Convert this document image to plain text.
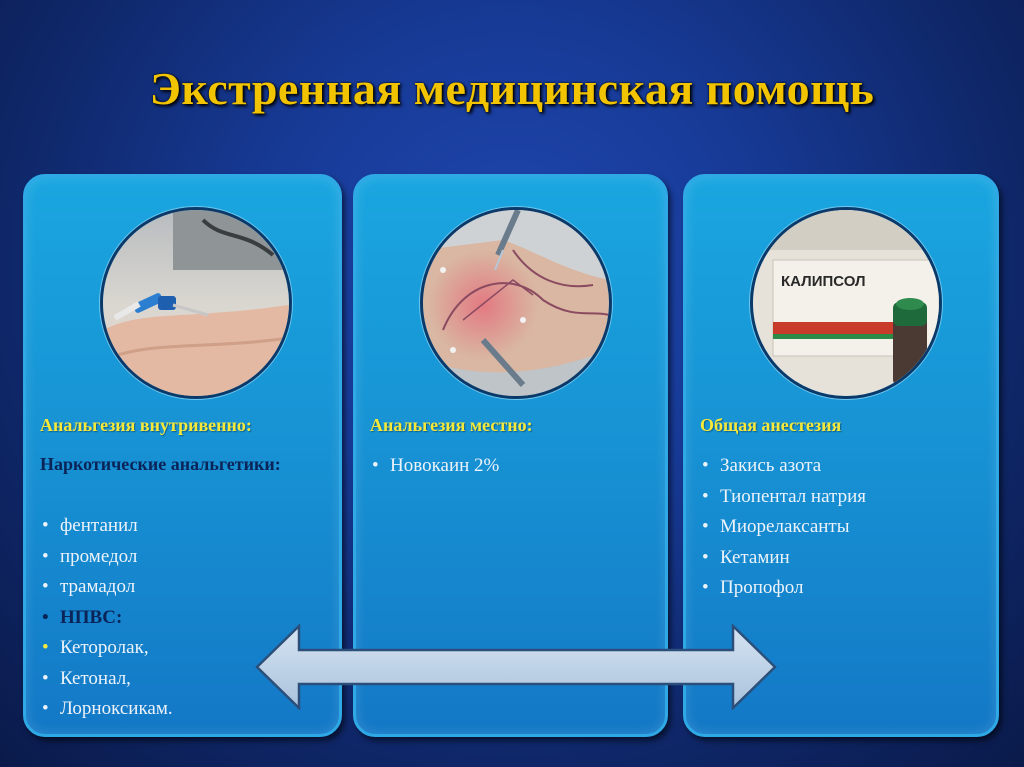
Экстренная медицинская помощь
Анальгезия внутривенно:
Наркотические анальгетики:
• фентанил
• промедол
• трамадол
• НПВС:
• Кеторолак,
• Кетонал,
• Лорноксикам.
Анальгезия местно:
• Новокаин 2%
КАЛИПСОЛ
Общая анестезия
• Закись азота
• Тиопентал натрия
• Миорелаксанты
• Кетамин
• Пропофол
